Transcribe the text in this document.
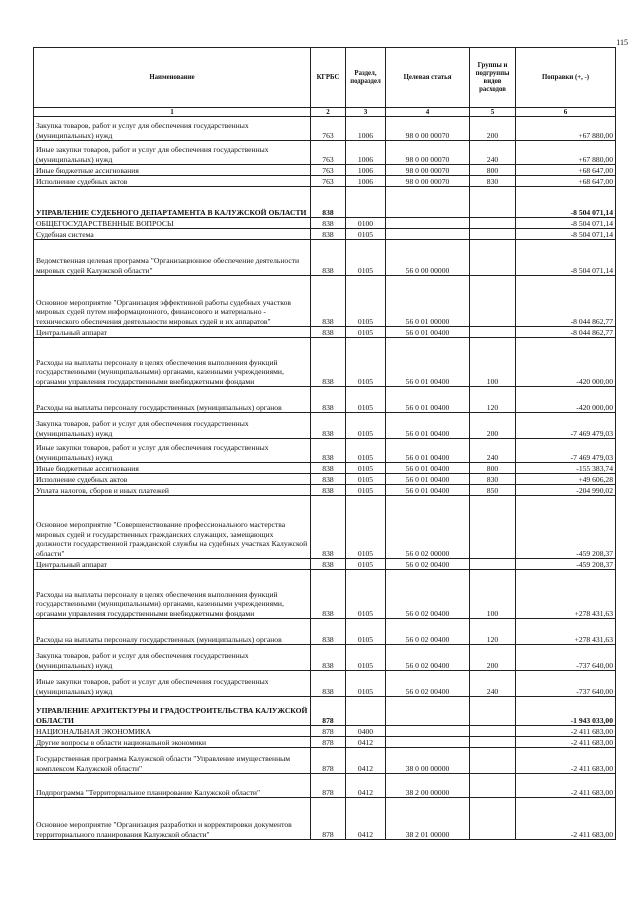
115
Наименование	КГРБС	Раздел, подраздел	Целевая статья	Группы и подгруппы видов расходов	Поправки (+, -)
1	2	3	4	5	6
Закупка товаров, работ и услуг для обеспечения государственных (муниципальных) нужд	763	1006	98 0 00 00070	200	+67 880,00
Иные закупки товаров, работ и услуг для обеспечения государственных (муниципальных) нужд	763	1006	98 0 00 00070	240	+67 880,00
Иные бюджетные ассигнования	763	1006	98 0 00 00070	800	+68 647,00
Исполнение судебных актов	763	1006	98 0 00 00070	830	+68 647,00
УПРАВЛЕНИЕ СУДЕБНОГО ДЕПАРТАМЕНТА В КАЛУЖСКОЙ ОБЛАСТИ	838				-8 504 071,14
ОБЩЕГОСУДАРСТВЕННЫЕ ВОПРОСЫ	838	0100			-8 504 071,14
Судебная система	838	0105			-8 504 071,14
Ведомственная целевая программа "Организационное обеспечение деятельности мировых судей Калужской области"	838	0105	56 0 00 00000		-8 504 071,14
Основное мероприятие "Организация эффективной работы судебных участков мировых судей путем информационного, финансового и материально - технического обеспечения деятельности мировых судей и их аппаратов"	838	0105	56 0 01 00000		-8 044 862,77
Центральный аппарат	838	0105	56 0 01 00400		-8 044 862,77
Расходы на выплаты персоналу в целях обеспечения выполнения функций государственными (муниципальными) органами, казенными учреждениями, органами управления государственными внебюджетными фондами	838	0105	56 0 01 00400	100	-420 000,00
Расходы на выплаты персоналу государственных (муниципальных) органов	838	0105	56 0 01 00400	120	-420 000,00
Закупка товаров, работ и услуг для обеспечения государственных (муниципальных) нужд	838	0105	56 0 01 00400	200	-7 469 479,03
Иные закупки товаров, работ и услуг для обеспечения государственных (муниципальных) нужд	838	0105	56 0 01 00400	240	-7 469 479,03
Иные бюджетные ассигнования	838	0105	56 0 01 00400	800	-155 383,74
Исполнение судебных актов	838	0105	56 0 01 00400	830	+49 606,28
Уплата налогов, сборов и иных платежей	838	0105	56 0 01 00400	850	-204 990,02
Основное мероприятие "Совершенствование профессионального мастерства мировых судей и государственных гражданских служащих, замещающих должности государственной гражданской службы на судебных участках Калужской области"	838	0105	56 0 02 00000		-459 208,37
Центральный аппарат	838	0105	56 0 02 00400		-459 208,37
Расходы на выплаты персоналу в целях обеспечения выполнения функций государственными (муниципальными) органами, казенными учреждениями, органами управления государственными внебюджетными фондами	838	0105	56 0 02 00400	100	+278 431,63
Расходы на выплаты персоналу государственных (муниципальных) органов	838	0105	56 0 02 00400	120	+278 431,63
Закупка товаров, работ и услуг для обеспечения государственных (муниципальных) нужд	838	0105	56 0 02 00400	200	-737 640,00
Иные закупки товаров, работ и услуг для обеспечения государственных (муниципальных) нужд	838	0105	56 0 02 00400	240	-737 640,00
УПРАВЛЕНИЕ АРХИТЕКТУРЫ И ГРАДОСТРОИТЕЛЬСТВА КАЛУЖСКОЙ ОБЛАСТИ	878				-1 943 033,00
НАЦИОНАЛЬНАЯ ЭКОНОМИКА	878	0400			-2 411 683,00
Другие вопросы в области национальной экономики	878	0412			-2 411 683,00
Государственная программа Калужской области "Управление имущественным комплексом Калужской области"	878	0412	38 0 00 00000		-2 411 683,00
Подпрограмма "Территориальное планирование Калужской области"	878	0412	38 2 00 00000		-2 411 683,00
Основное мероприятие "Организация разработки и корректировки документов территориального планирования Калужской области"	878	0412	38 2 01 00000		-2 411 683,00
